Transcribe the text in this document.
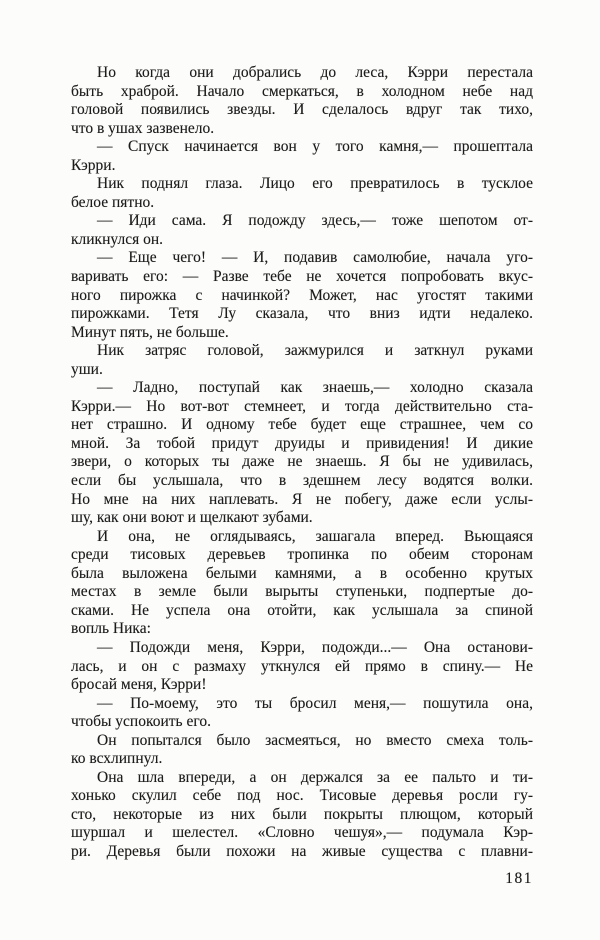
Но когда они добрались до леса, Кэрри перестала
быть храброй. Начало смеркаться, в холодном небе над
головой появились звезды. И сделалось вдруг так тихо,
что в ушах зазвенело.
— Спуск начинается вон у того камня,— прошептала
Кэрри.
Ник поднял глаза. Лицо его превратилось в тусклое
белое пятно.
— Иди сама. Я подожду здесь,— тоже шепотом от-
кликнулся он.
— Еще чего! — И, подавив самолюбие, начала уго-
варивать его: — Разве тебе не хочется попробовать вкус-
ного пирожка с начинкой? Может, нас угостят такими
пирожками. Тетя Лу сказала, что вниз идти недалеко.
Минут пять, не больше.
Ник затряс головой, зажмурился и заткнул руками
уши.
— Ладно, поступай как знаешь,— холодно сказала
Кэрри.— Но вот-вот стемнеет, и тогда действительно ста-
нет страшно. И одному тебе будет еще страшнее, чем со
мной. За тобой придут друиды и привидения! И дикие
звери, о которых ты даже не знаешь. Я бы не удивилась,
если бы услышала, что в здешнем лесу водятся волки.
Но мне на них наплевать. Я не побегу, даже если услы-
шу, как они воют и щелкают зубами.
И она, не оглядываясь, зашагала вперед. Вьющаяся
среди тисовых деревьев тропинка по обеим сторонам
была выложена белыми камнями, а в особенно крутых
местах в земле были вырыты ступеньки, подпертые до-
сками. Не успела она отойти, как услышала за спиной
вопль Ника:
— Подожди меня, Кэрри, подожди...— Она останови-
лась, и он с размаху уткнулся ей прямо в спину.— Не
бросай меня, Кэрри!
— По-моему, это ты бросил меня,— пошутила она,
чтобы успокоить его.
Он попытался было засмеяться, но вместо смеха толь-
ко всхлипнул.
Она шла впереди, а он держался за ее пальто и ти-
хонько скулил себе под нос. Тисовые деревья росли гу-
сто, некоторые из них были покрыты плющом, который
шуршал и шелестел. «Словно чешуя»,— подумала Кэр-
ри. Деревья были похожи на живые существа с плавни-
181
